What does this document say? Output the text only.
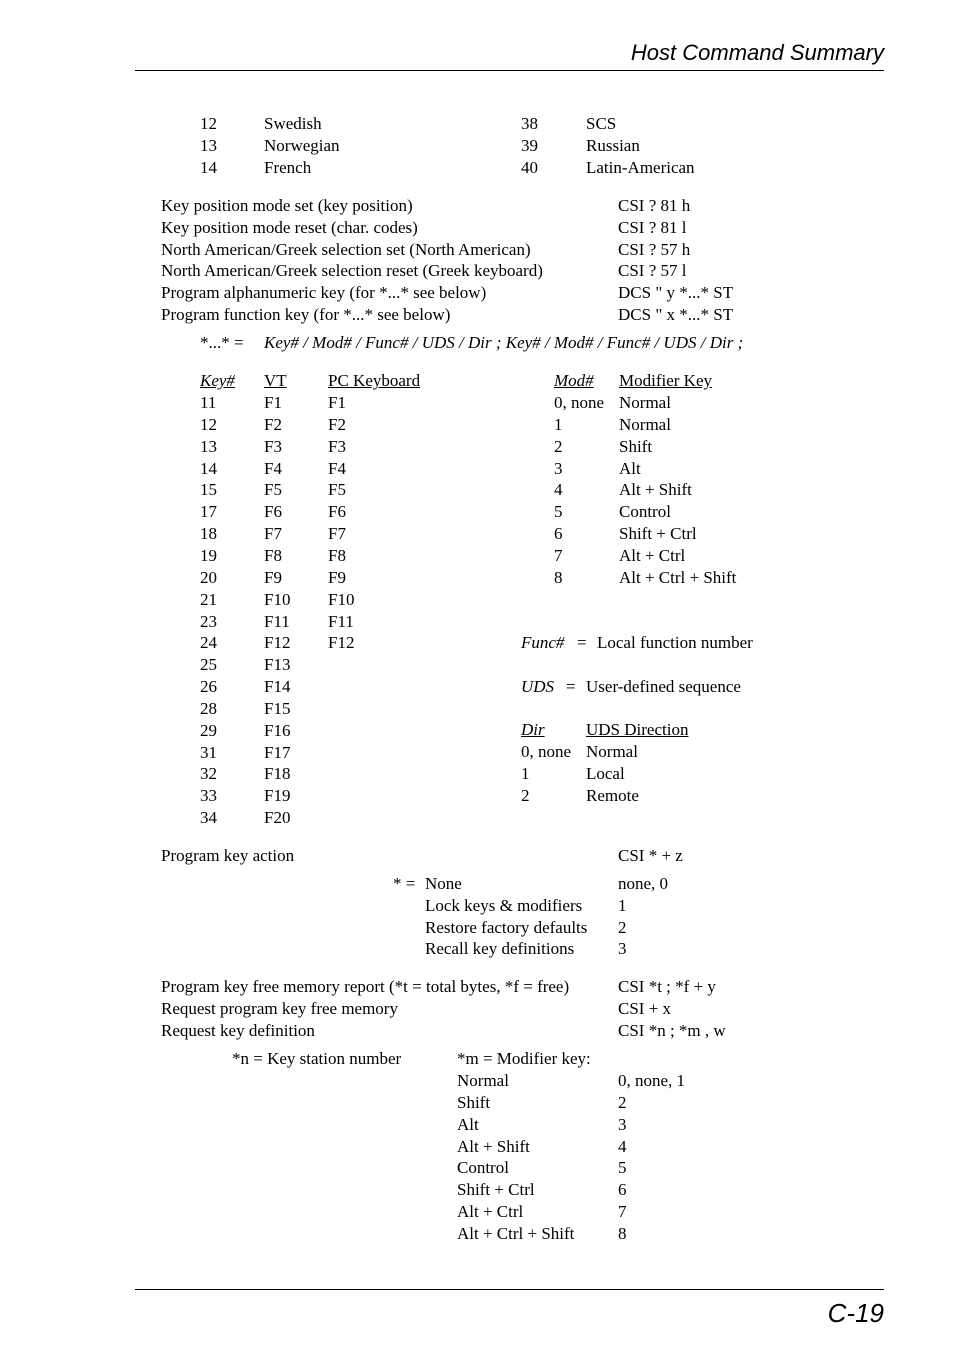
Host Command Summary
12	Swedish	38	SCS
13	Norwegian	39	Russian
14	French	40	Latin-American
Key position mode set (key position)	CSI ? 81 h
Key position mode reset (char. codes)	CSI ? 81 l
North American/Greek selection set (North American)	CSI ? 57 h
North American/Greek selection reset (Greek keyboard)	CSI ? 57 l
Program alphanumeric key (for *...* see below)	DCS " y *...* ST
Program function key (for *...* see below)	DCS " x *...* ST
*...* = Key# / Mod# / Func# / UDS / Dir ; Key# / Mod# / Func# / UDS / Dir ;
Key# VT PC Keyboard
11	F1	F1
12	F2	F2
13	F3	F3
14	F4	F4
15	F5	F5
17	F6	F6
18	F7	F7
19	F8	F8
20	F9	F9
21	F10 F10
23	F11 F11
24	F12 F12
25	F13
26	F14
28	F15
29	F16
31	F17
32	F18
33	F19
34	F20
Mod# Modifier Key
0, none Normal
1	Normal
2	Shift
3	Alt
4	Alt + Shift
5	Control
6	Shift + Ctrl
7	Alt + Ctrl
8	Alt + Ctrl + Shift
Func# = Local function number
UDS = User-defined sequence
Dir UDS Direction
0, none Normal
1	Local
2	Remote
Program key action	CSI * + z
* = None	none, 0
Lock keys & modifiers 1
Restore factory defaults 2
Recall key definitions	3
Program key free memory report (*t = total bytes, *f = free)	CSI *t ; *f + y
Request program key free memory	CSI + x
Request key definition	CSI *n ; *m , w
*n = Key station number	*m = Modifier key:
Normal	0, none, 1
Shift	2
Alt	3
Alt + Shift	4
Control	5
Shift + Ctrl	6
Alt + Ctrl	7
Alt + Ctrl + Shift	8
C-19
